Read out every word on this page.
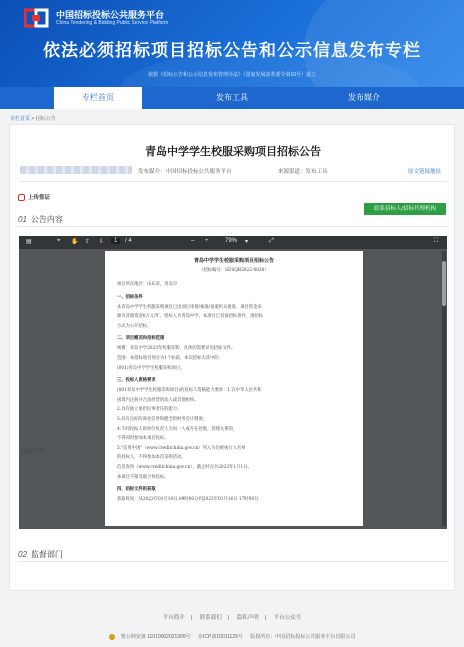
中国招标投标公共服务平台
China Tendering & Bidding Public Service Platform
依法必须招标项目招标公告和公示信息发布专栏
依据《招标公告和公示信息发布管理办法》（国家发展改革委令第10号）设立
专栏首页	发布工具	发布媒介
专栏首页 > 招标公告
青岛中学学生校服采购项目招标公告
发布媒介：中国招标投标公共服务平台	来源渠道：发布工具	原文链接地址
上传签证
01 公告内容
联系招标人/招标代理机构
▤	⌖ ✋ ⇧ ⇩	1	/ 4	– +	79% ▾	⤢	⛶

青岛中学学生校服采购项目招标公告

（招标编号：SDSQB2022-0026）

项目所在地区：山东省，青岛市

一、招标条件

本青岛中学学生校服采购项目已由项目审批/核准/备案机关批准，项目资金来

源为其他资金0万元/年，招标人为青岛中学。本项目已具备招标条件，现招标

方式为公开招标。

二、项目概况和招标范围

规模：青岛中学2023年校服采购，具体的需要详见招标文件。

范围：本招标项目划分为1个标段，本次招标为其中的：

(001)青岛中学学生校服采购项目；

三、投标人资格要求

(001青岛中学学生校服采购项目)的投标人资格能力要求：1.在中华人民共和

国境内注册并合法经营的法人或其他组织。

2.具有独立承担民事责任的能力；

3.具有良好的商业信誉和健全的财务会计制度；

4.不同投标人的单位负责人为同一人或存在控股、管理关系的，

不得同时参加本项目投标。

5."信用中国"（www.creditchina.gov.cn）列入失信被执行人名单

的投标人，不得参加本次采购活动。

信息查询（www.creditchina.gov.cn），截止时点为2023年1月1日。

本项目不接受联合体投标。

四、招标文件的获取

获取时间：从2023年01月10日 09时00分到2023年01月16日 17时00分

02 监督部门
青岛中学
平台简介 | 联系我们 | 隐私声明 | 平台公众号
鲁公网安备 11010002021309号 京ICP备10011129号 版权所有：中国招标投标公共服务平台有限公司
